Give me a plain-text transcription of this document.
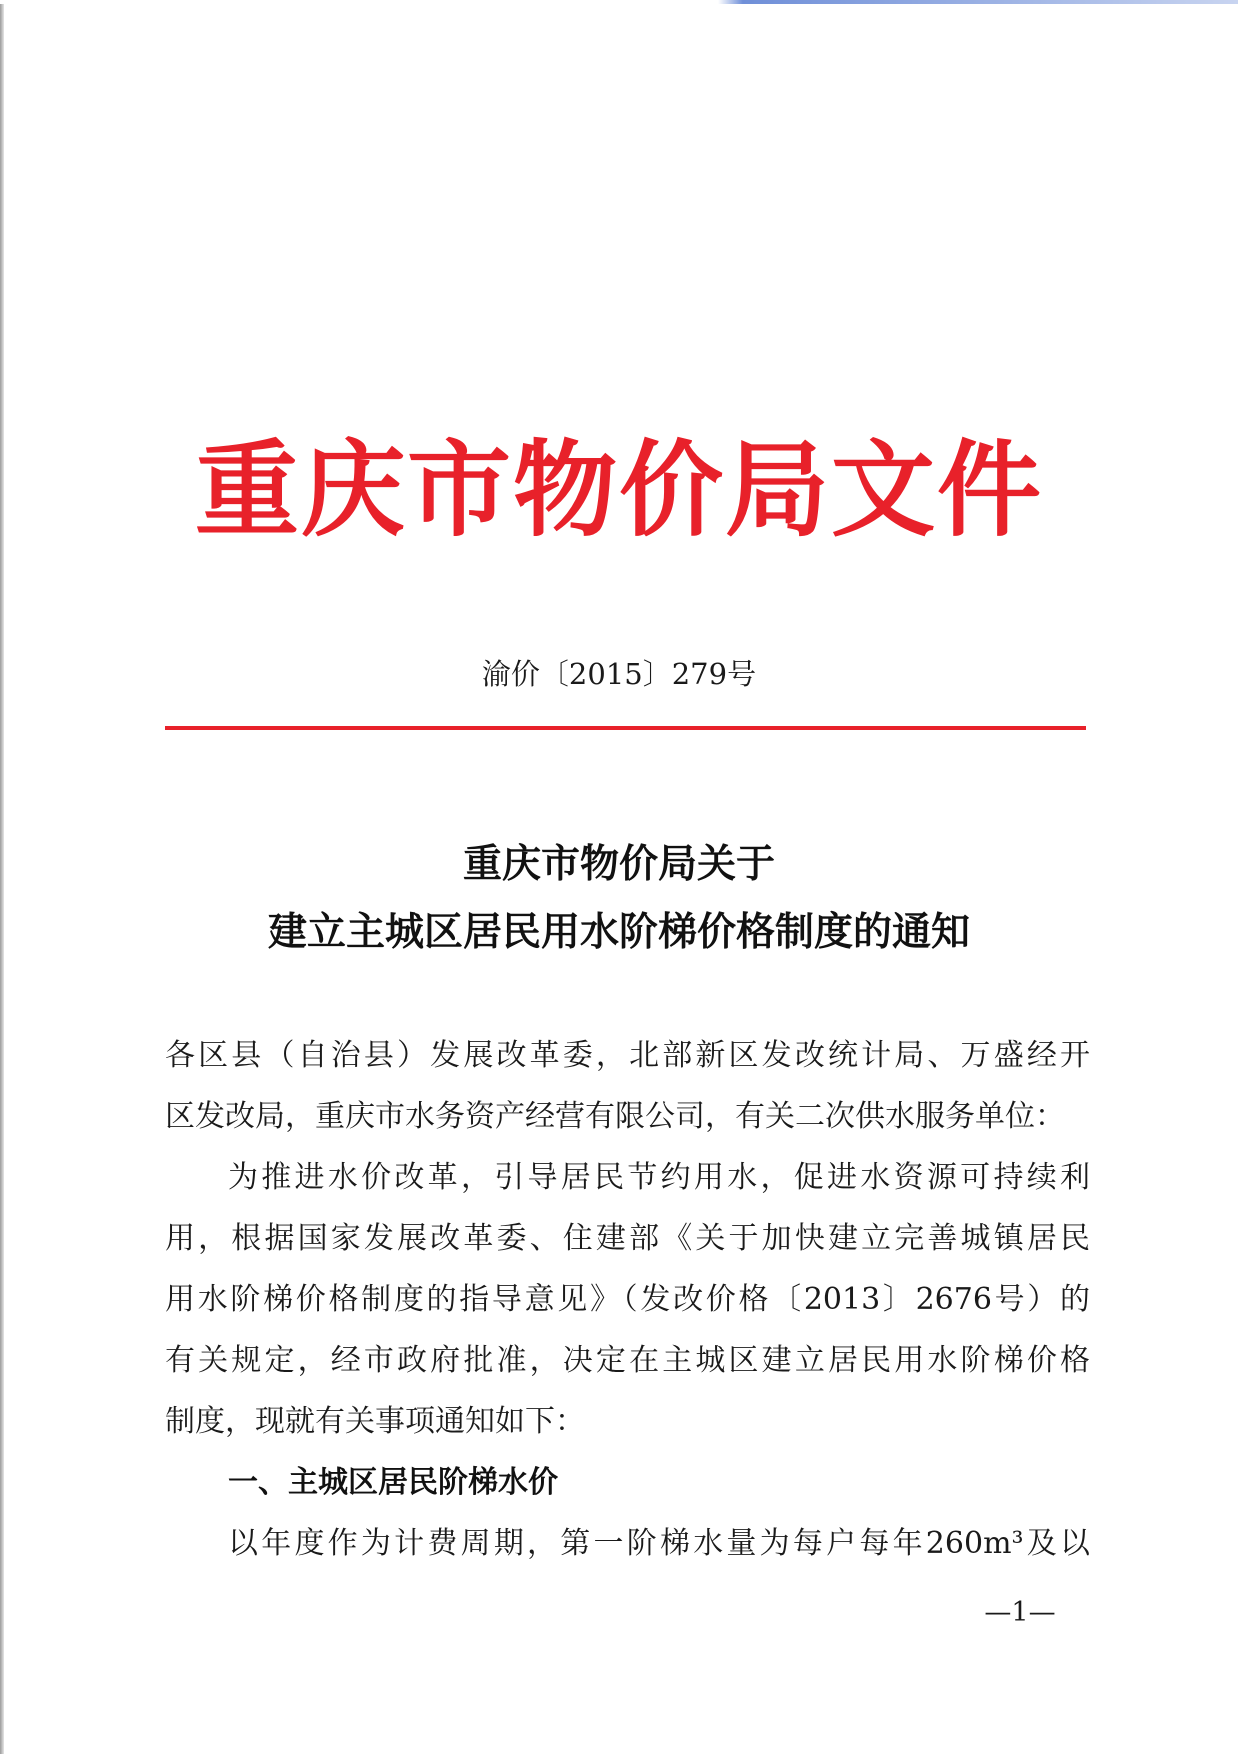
重庆市物价局文件
渝价〔2015〕279号
重庆市物价局关于
建立主城区居民用水阶梯价格制度的通知
各区县（自治县）发展改革委，北部新区发改统计局、万盛经开
区发改局，重庆市水务资产经营有限公司，有关二次供水服务单位：
为推进水价改革，引导居民节约用水，促进水资源可持续利
用，根据国家发展改革委、住建部《关于加快建立完善城镇居民
用水阶梯价格制度的指导意见》（发改价格〔2013〕2676号）的
有关规定，经市政府批准，决定在主城区建立居民用水阶梯价格
制度，现就有关事项通知如下：
一、主城区居民阶梯水价
以年度作为计费周期，第一阶梯水量为每户每年260m³及以
—1—
